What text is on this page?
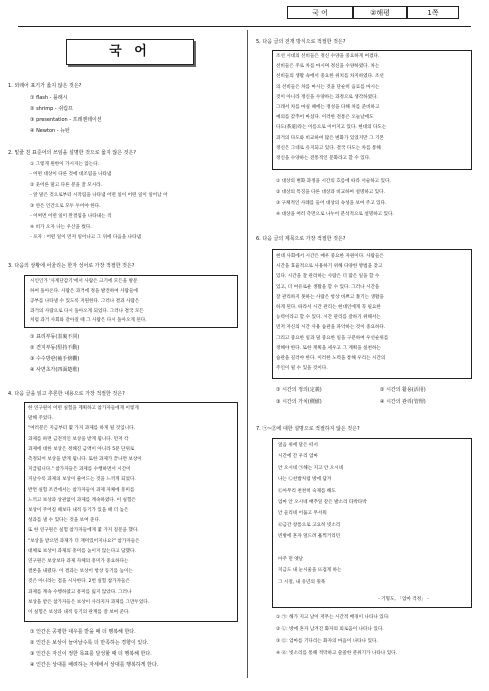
국 어	②해평	1쪽
국 어
1. 외래어 표기가 옳지 않은 것은?
① flash - 플래시
② shrimp - 쉬림프
③ presentation - 프레젠테이션
④ Newton - 뉴턴
2. 밑줄 친 표준어의 쓰임을 설명한 것으로 옳지 않은 것은?
① 그렇게 원한이 가시지는 않는다.
- 어떤 대상이 다른 것에 대조됨을 나타냄
② 웃어른 말고 다른 분을 잘 모시라.
- 앞 말은 것으로부터 시작됨을 나타냄 어떤 일이 어떤 일이 일어남 어
③ 얀은 인간으로 모두 두어야 한다.
- 어쩌면 어떤 일이 완결됨을 나타내는 격
④ 비가 오자 나는 우산을 썼다.
- 포자 : 어떤 일이 먼저 일어나고 그 뒤에 다음을 나타냄
3. 다음의 상황에 어울리는 한자 성어로 가장 적절한 것은?
시인인가 '사계단감기'에서 사람은 크기에 모든을 방문
하여 돌아온다. 사람은 과거에 정을 발견하여 사람들에
공부를 나타낼 수 있도록 지원한다. 그러나 결과 사람은
과거의 사람으로 다시 돌아오게 되었다. 그러나 결국 모든
처럼 과거 사회와 같아질 때 그 사람은 다시 돌아오게 된다.
① 표리부동(表裏不同)
② 견지부동(堅持不動)
③ 수수방관(袖手傍觀)
④ 사면초가(四面楚歌)
4. 다음 글을 읽고 추론한 내용으로 가장 적절한 것은?
한 연구원이 어떤 실험을 계획하고 참가자들에게 이렇게
말해 주었다.
"여러분은 지금부터 몇 가지 과제를 하게 될 것입니다.
과제를 하면 금전적인 보상을 받게 됩니다. 먼저 각
과제에 대한 보상은 정해진 금액이 아니라 5분 단위로
측정되어 보상을 받게 됩니다. 또한 과제가 끝나면 보상이
지급됩니다." 참가자들은 과제를 수행하면서 시간이
지날수록 과제의 보상이 줄어드는 것을 느끼게 되었다.
반면 실험 조건에서는 참가자들이 과제 자체에 흥미를
느끼고 보상과 상관없이 과제를 계속하였다. 이 실험은
보상이 주어질 때보다 내적 동기가 있을 때 더 높은
성과를 낼 수 있다는 것을 보여 준다.
또 한 연구원은 실험 참가자들에게 몇 가지 질문을 했다.
"보상을 받으면 과제가 더 재미있어지나요?" 참가자들은
대체로 보상이 과제의 흥미를 높이지 않는다고 답했다.
연구원은 보상보다 과제 자체의 흥미가 중요하다는
결론을 내렸다. 이 결과는 보상이 항상 동기를 높이는
것은 아니라는 점을 시사한다. 2번 실험 참가자들은
과제를 계속 수행하였고 흥미를 잃지 않았다. 그러나
보상을 받은 참가자들은 보상이 사라지자 과제를 그만두었다.
이 실험은 보상과 내적 동기의 관계를 잘 보여 준다.
① 인간은 공평한 대우를 받을 때 더 행복해 한다.
② 인간은 보상이 늘어날수록 더 만족하는 경향이 있다.
③ 인간은 자신이 정한 목표를 달성할 때 더 행복해 한다.
④ 인간은 상대를 배려하는 자세에서 상대를 행복하게 한다.
5. 다음 글의 전개 방식으로 적절한 것은?
조선 시대의 선비들은 정신 수양을 중요하게 여겼다.
선비들은 주로 차를 마시며 정신을 수양하였다. 차는
선비들의 생활 속에서 중요한 위치를 차지하였다. 조선
의 선비들은 차를 마시는 것을 단순히 음료를 마시는
것이 아니라 정신을 수양하는 과정으로 생각하였다.
그래서 차를 마실 때에는 정성을 다해 차를 준비하고
예의를 갖추어 마셨다. 이러한 전통은 오늘날에도
다도(茶道)라는 이름으로 이어지고 있다. 현대의 다도는
과거의 다도와 비교하여 많은 변화가 있었지만 그 기본
정신은 그대로 유지되고 있다. 결국 다도는 차를 통해
정신을 수양하는 전통적인 문화라고 할 수 있다.
① 대상의 변화 과정을 시간의 흐름에 따라 서술하고 있다.
② 대상의 특징을 다른 대상과 비교하여 설명하고 있다.
③ 구체적인 사례를 들어 대상의 속성을 보여 주고 있다.
④ 대상을 여러 측면으로 나누어 분석적으로 설명하고 있다.
6. 다음 글의 제목으로 가장 적절한 것은?
현대 사회에서 시간은 매우 중요한 자원이다. 사람들은
시간을 효율적으로 사용하기 위해 다양한 방법을 찾고
있다. 시간을 잘 관리하는 사람은 더 많은 일을 할 수
있고, 더 여유로운 생활을 할 수 있다. 그러나 시간을
잘 관리하지 못하는 사람은 항상 바쁘고 쫓기는 생활을
하게 된다. 따라서 시간 관리는 현대인에게 꼭 필요한
능력이라고 할 수 있다. 시간 관리를 잘하기 위해서는
먼저 자신의 시간 사용 습관을 파악하는 것이 중요하다.
그리고 중요한 일과 덜 중요한 일을 구분하여 우선순위를
정해야 한다. 또한 계획을 세우고 그 계획을 실천하는
습관을 길러야 한다. 이러한 노력을 통해 우리는 시간의
주인이 될 수 있을 것이다.
① 시간의 정의(定義)	② 시간의 활용(活用)
③ 시간의 가치(價値)	④ 시간의 관리(管理)
7. ㉠~㉣에 대한 설명으로 적절하지 않은 것은?
얼음 위에 달은 떠서
시간에 간 우리 엄마
안 오시네 ㉠해는 지고 안 오시네
나는 ㉡찬밥처럼 방에 담겨
㉢아무리 천천히 숙제를 해도
엄마 안 오시네 배추잎 같은 발소리 타박타박
안 들리네 어둡고 무서워
㉣금간 창틈으로 고요히 빗소리
빈방에 혼자 엎드려 훌쩍거리던
아주 먼 옛날
지금도 내 눈시울을 뜨겁게 하는
그 시절, 내 유년의 윗목
- 기형도, 「엄마 걱정」 -
① ㉠: 해가 지고 날이 저무는 시간적 배경이 나타나 있다.
② ㉡: 방에 혼자 남겨진 화자의 외로움이 나타나 있다.
③ ㉢: 엄마를 기다리는 화자의 마음이 나타나 있다.
④ ㉣: 빗소리를 통해 적막하고 쓸쓸한 분위기가 나타나 있다.
